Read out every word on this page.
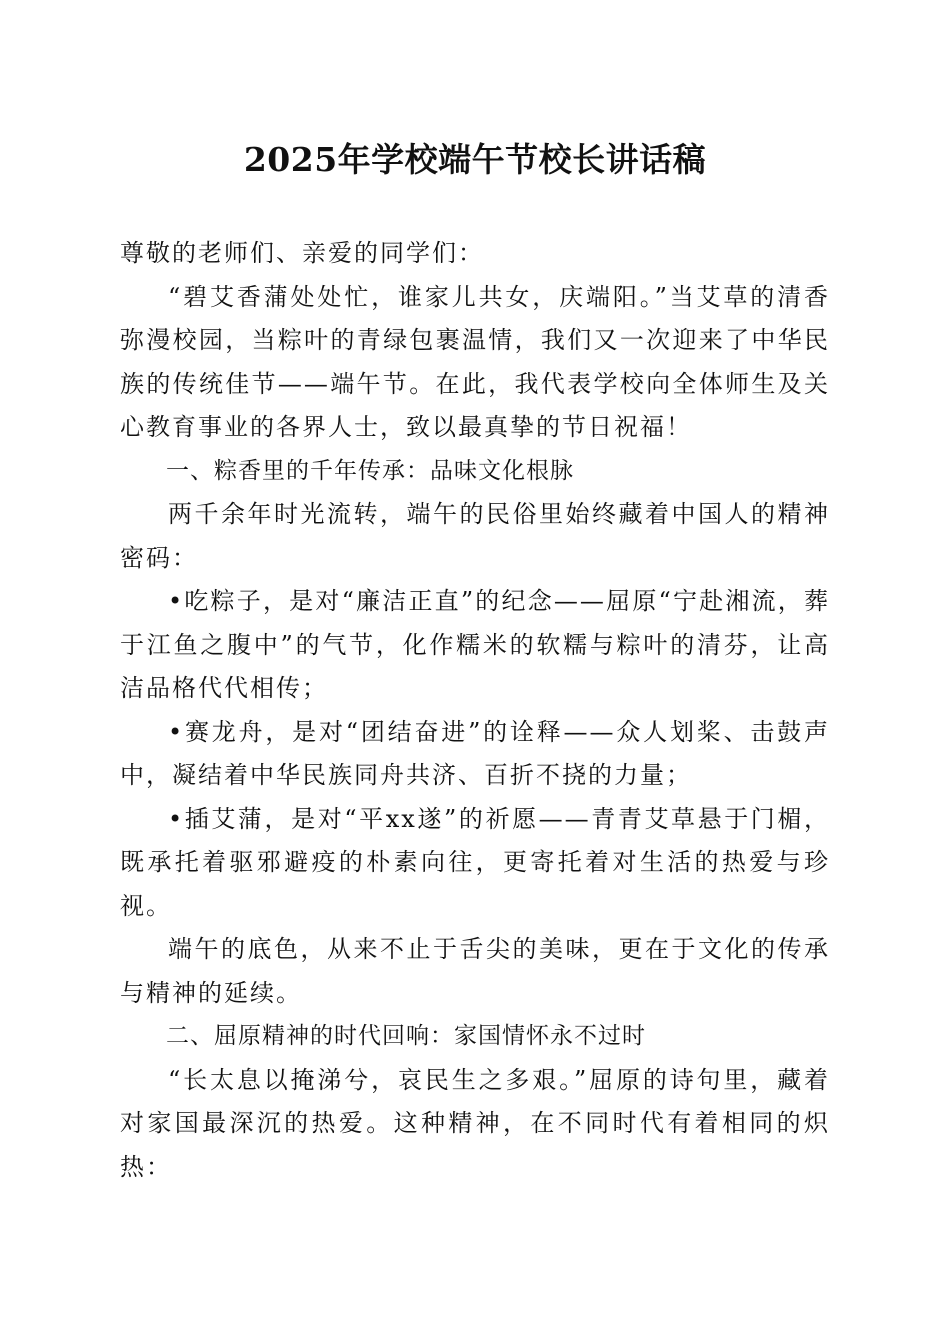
2025年学校端午节校长讲话稿

尊敬的老师们、亲爱的同学们：

“碧艾香蒲处处忙，谁家儿共女，庆端阳。”当艾草的清香弥漫校园，当粽叶的青绿包裹温情，我们又一次迎来了中华民族的传统佳节——端午节。在此，我代表学校向全体师生及关心教育事业的各界人士，致以最真挚的节日祝福！

一、粽香里的千年传承：品味文化根脉

两千余年时光流转，端午的民俗里始终藏着中国人的精神密码：

•吃粽子，是对“廉洁正直”的纪念——屈原“宁赴湘流，葬于江鱼之腹中”的气节，化作糯米的软糯与粽叶的清芬，让高洁品格代代相传；

•赛龙舟，是对“团结奋进”的诠释——众人划桨、击鼓声中，凝结着中华民族同舟共济、百折不挠的力量；

•插艾蒲，是对“平xx遂”的祈愿——青青艾草悬于门楣，既承托着驱邪避疫的朴素向往，更寄托着对生活的热爱与珍视。

端午的底色，从来不止于舌尖的美味，更在于文化的传承与精神的延续。

二、屈原精神的时代回响：家国情怀永不过时

“长太息以掩涕兮，哀民生之多艰。”屈原的诗句里，藏着对家国最深沉的热爱。这种精神，在不同时代有着相同的炽热：
